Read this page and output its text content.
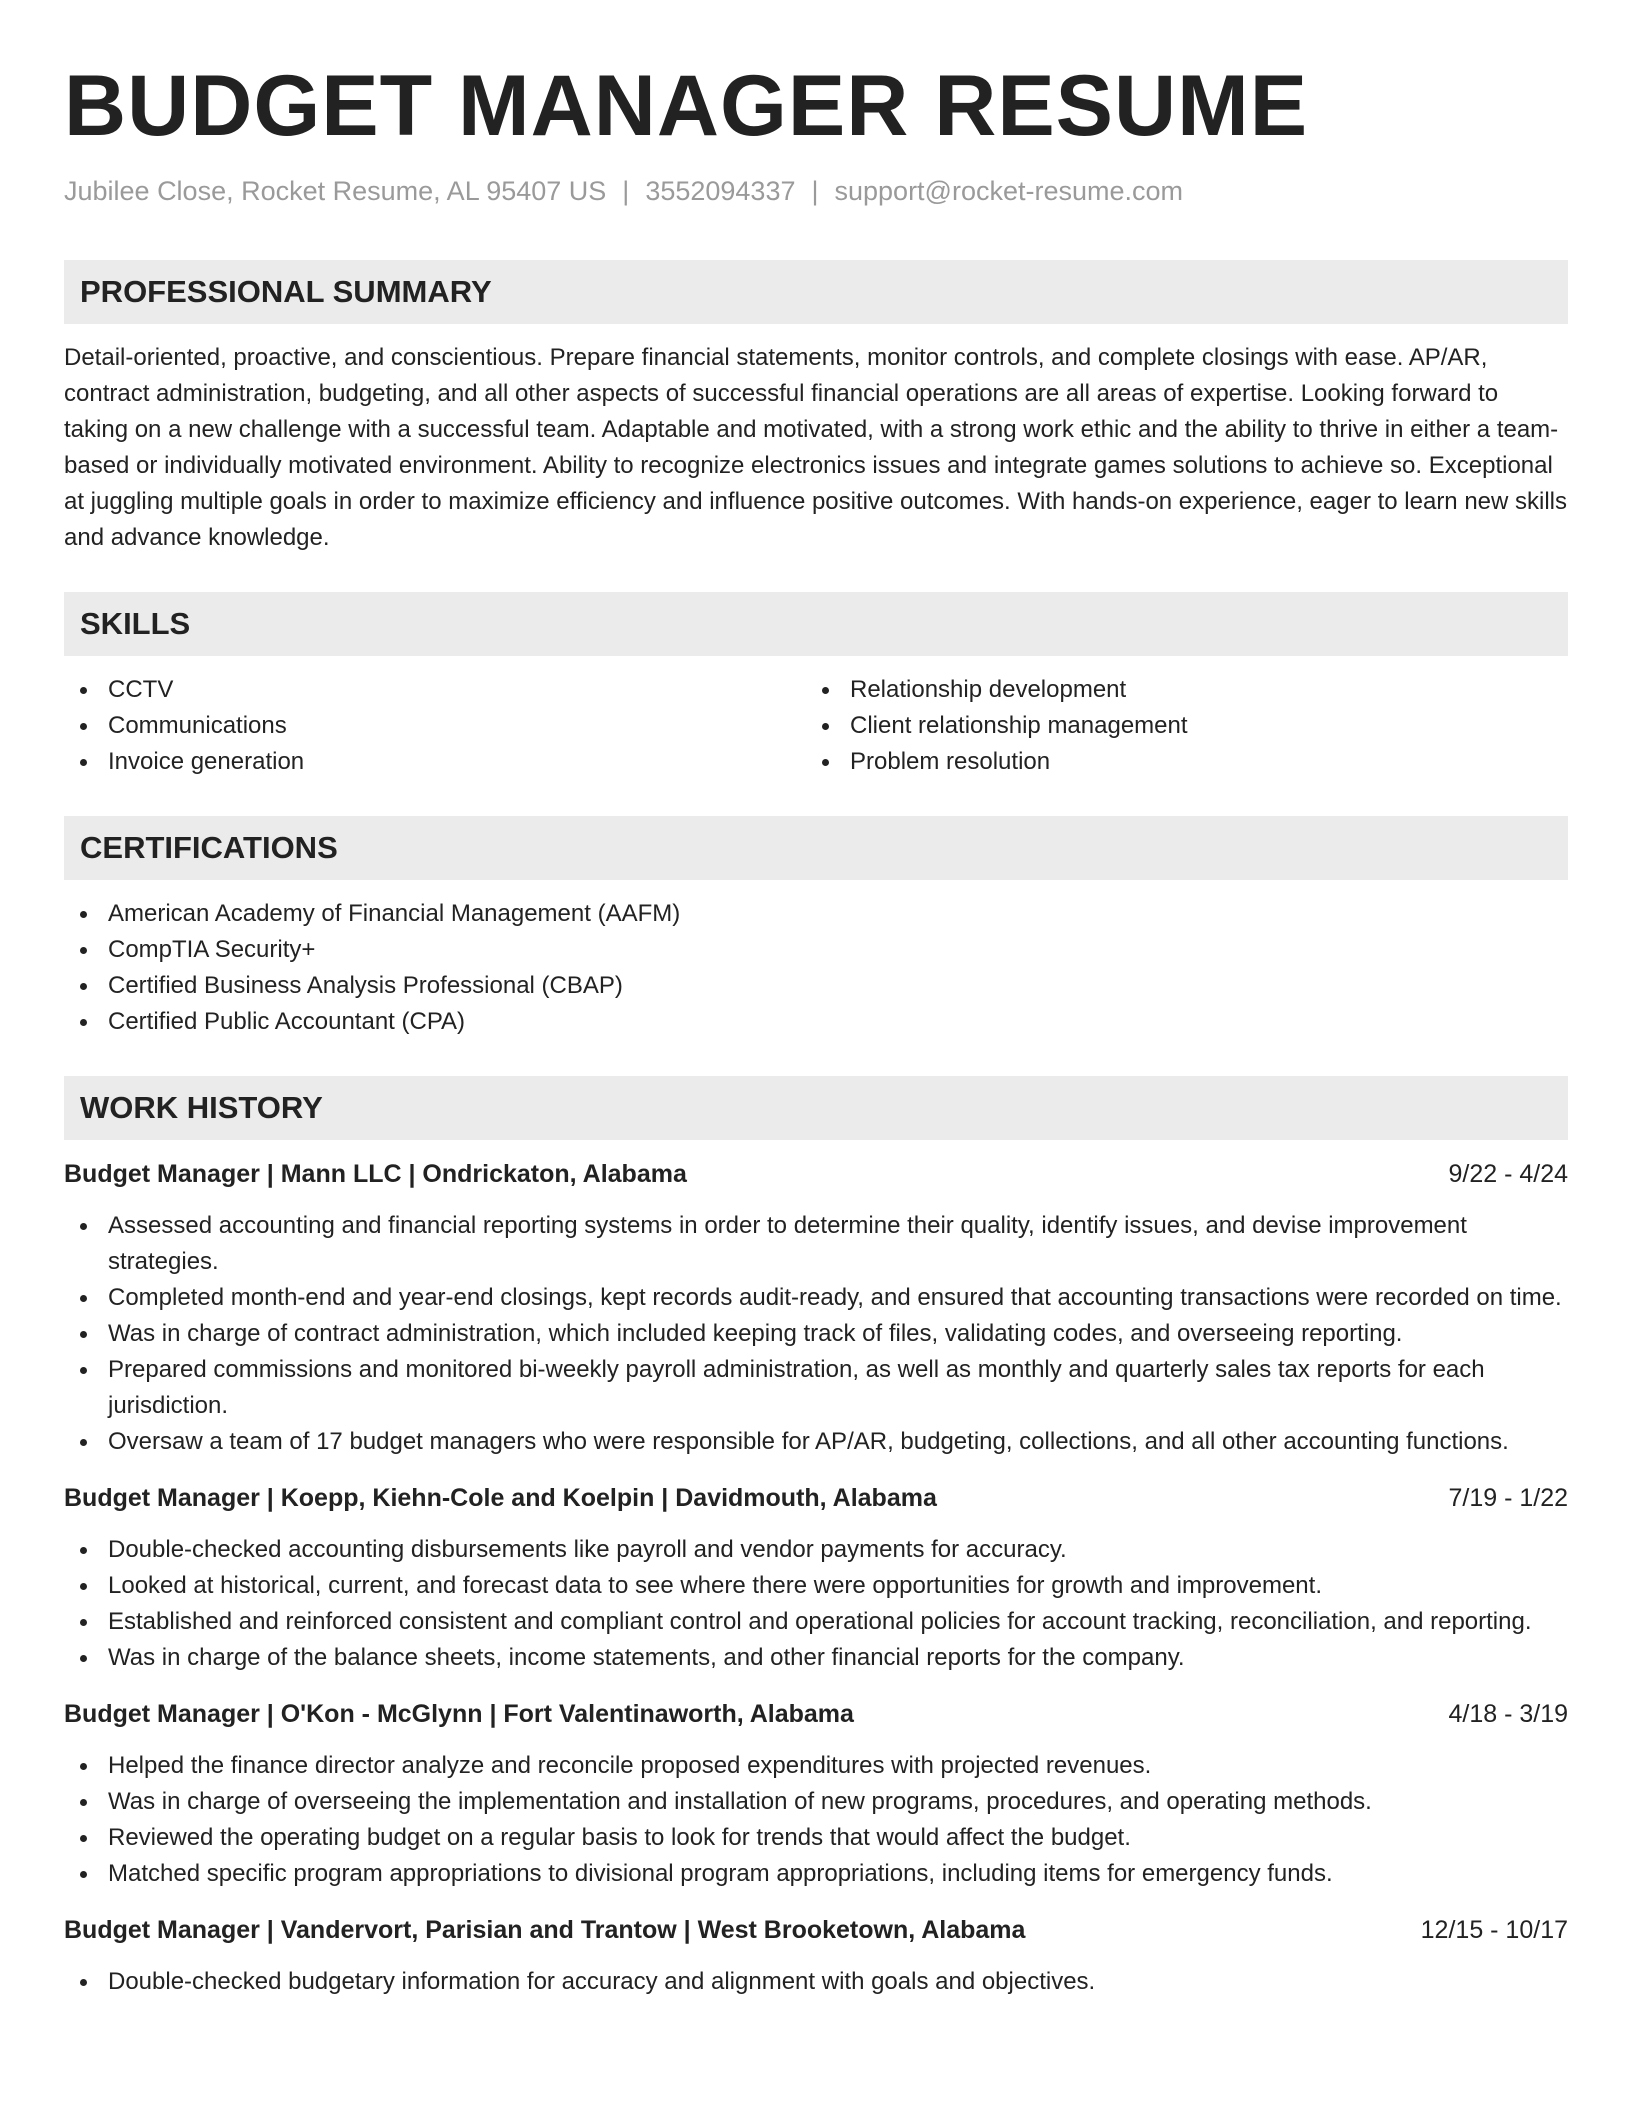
BUDGET MANAGER RESUME
Jubilee Close, Rocket Resume, AL 95407 US | 3552094337 | support@rocket-resume.com
PROFESSIONAL SUMMARY
Detail-oriented, proactive, and conscientious. Prepare financial statements, monitor controls, and complete closings with ease. AP/AR, contract administration, budgeting, and all other aspects of successful financial operations are all areas of expertise. Looking forward to taking on a new challenge with a successful team. Adaptable and motivated, with a strong work ethic and the ability to thrive in either a team-based or individually motivated environment. Ability to recognize electronics issues and integrate games solutions to achieve so. Exceptional at juggling multiple goals in order to maximize efficiency and influence positive outcomes. With hands-on experience, eager to learn new skills and advance knowledge.
SKILLS
CCTV
Communications
Invoice generation
Relationship development
Client relationship management
Problem resolution
CERTIFICATIONS
American Academy of Financial Management (AAFM)
CompTIA Security+
Certified Business Analysis Professional (CBAP)
Certified Public Accountant (CPA)
WORK HISTORY
Budget Manager | Mann LLC | Ondrickaton, Alabama	9/22 - 4/24
Assessed accounting and financial reporting systems in order to determine their quality, identify issues, and devise improvement strategies.
Completed month-end and year-end closings, kept records audit-ready, and ensured that accounting transactions were recorded on time.
Was in charge of contract administration, which included keeping track of files, validating codes, and overseeing reporting.
Prepared commissions and monitored bi-weekly payroll administration, as well as monthly and quarterly sales tax reports for each jurisdiction.
Oversaw a team of 17 budget managers who were responsible for AP/AR, budgeting, collections, and all other accounting functions.
Budget Manager | Koepp, Kiehn-Cole and Koelpin | Davidmouth, Alabama	7/19 - 1/22
Double-checked accounting disbursements like payroll and vendor payments for accuracy.
Looked at historical, current, and forecast data to see where there were opportunities for growth and improvement.
Established and reinforced consistent and compliant control and operational policies for account tracking, reconciliation, and reporting.
Was in charge of the balance sheets, income statements, and other financial reports for the company.
Budget Manager | O'Kon - McGlynn | Fort Valentinaworth, Alabama	4/18 - 3/19
Helped the finance director analyze and reconcile proposed expenditures with projected revenues.
Was in charge of overseeing the implementation and installation of new programs, procedures, and operating methods.
Reviewed the operating budget on a regular basis to look for trends that would affect the budget.
Matched specific program appropriations to divisional program appropriations, including items for emergency funds.
Budget Manager | Vandervort, Parisian and Trantow | West Brooketown, Alabama	12/15 - 10/17
Double-checked budgetary information for accuracy and alignment with goals and objectives.
